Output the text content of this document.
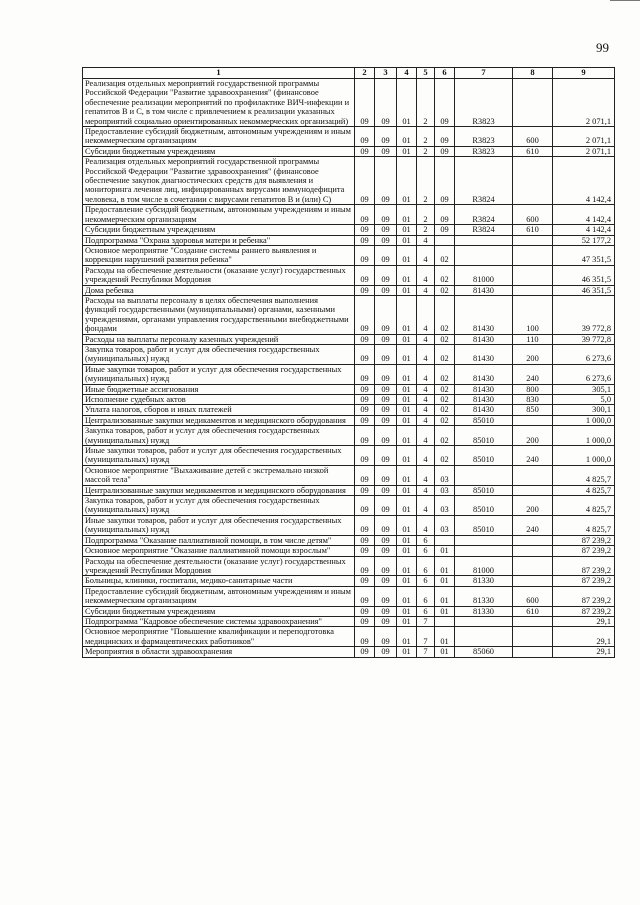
99
1	2	3	4	5	6	7	8	9
Реализация отдельных мероприятий государственной программы Российской Федерации "Развитие здравоохранения" (финансовое обеспечение реализации мероприятий по профилактике ВИЧ-инфекции и гепатитов В и С, в том числе с привлечением к реализации указанных мероприятий социально ориентированных некоммерческих организаций)	09	09	01	2	09	R3823		2 071,1
Предоставление субсидий бюджетным, автономным учреждениям и иным некоммерческим организациям	09	09	01	2	09	R3823	600	2 071,1
Субсидии бюджетным учреждениям	09	09	01	2	09	R3823	610	2 071,1
Реализация отдельных мероприятий государственной программы Российской Федерации "Развитие здравоохранения" (финансовое обеспечение закупок диагностических средств для выявления и мониторинга лечения лиц, инфицированных вирусами иммунодефицита человека, в том числе в сочетании с вирусами гепатитов В и (или) С)	09	09	01	2	09	R3824		4 142,4
Предоставление субсидий бюджетным, автономным учреждениям и иным некоммерческим организациям	09	09	01	2	09	R3824	600	4 142,4
Субсидии бюджетным учреждениям	09	09	01	2	09	R3824	610	4 142,4
Подпрограмма "Охрана здоровья матери и ребенка"	09	09	01	4				52 177,2
Основное мероприятие "Создание системы раннего выявления и коррекции нарушений развития ребенка"	09	09	01	4	02			47 351,5
Расходы на обеспечение деятельности (оказание услуг) государственных учреждений Республики Мордовия	09	09	01	4	02	81000		46 351,5
Дома ребенка	09	09	01	4	02	81430		46 351,5
Расходы на выплаты персоналу в целях обеспечения выполнения функций государственными (муниципальными) органами, казенными учреждениями, органами управления государственными внебюджетными фондами	09	09	01	4	02	81430	100	39 772,8
Расходы на выплаты персоналу казенных учреждений	09	09	01	4	02	81430	110	39 772,8
Закупка товаров, работ и услуг для обеспечения государственных (муниципальных) нужд	09	09	01	4	02	81430	200	6 273,6
Иные закупки товаров, работ и услуг для обеспечения государственных (муниципальных) нужд	09	09	01	4	02	81430	240	6 273,6
Иные бюджетные ассигнования	09	09	01	4	02	81430	800	305,1
Исполнение судебных актов	09	09	01	4	02	81430	830	5,0
Уплата налогов, сборов и иных платежей	09	09	01	4	02	81430	850	300,1
Централизованные закупки медикаментов и медицинского оборудования	09	09	01	4	02	85010		1 000,0
Закупка товаров, работ и услуг для обеспечения государственных (муниципальных) нужд	09	09	01	4	02	85010	200	1 000,0
Иные закупки товаров, работ и услуг для обеспечения государственных (муниципальных) нужд	09	09	01	4	02	85010	240	1 000,0
Основное мероприятие "Выхаживание детей с экстремально низкой массой тела"	09	09	01	4	03			4 825,7
Централизованные закупки медикаментов и медицинского оборудования	09	09	01	4	03	85010		4 825,7
Закупка товаров, работ и услуг для обеспечения государственных (муниципальных) нужд	09	09	01	4	03	85010	200	4 825,7
Иные закупки товаров, работ и услуг для обеспечения государственных (муниципальных) нужд	09	09	01	4	03	85010	240	4 825,7
Подпрограмма "Оказание паллиативной помощи, в том числе детям"	09	09	01	6				87 239,2
Основное мероприятие "Оказание паллиативной помощи взрослым"	09	09	01	6	01			87 239,2
Расходы на обеспечение деятельности (оказание услуг) государственных учреждений Республики Мордовия	09	09	01	6	01	81000		87 239,2
Больницы, клиники, госпитали, медико-санитарные части	09	09	01	6	01	81330		87 239,2
Предоставление субсидий бюджетным, автономным учреждениям и иным некоммерческим организациям	09	09	01	6	01	81330	600	87 239,2
Субсидии бюджетным учреждениям	09	09	01	6	01	81330	610	87 239,2
Подпрограмма "Кадровое обеспечение системы здравоохранения"	09	09	01	7				29,1
Основное мероприятие "Повышение квалификации и переподготовка медицинских и фармацевтических работников"	09	09	01	7	01			29,1
Мероприятия в области здравоохранения	09	09	01	7	01	85060		29,1
